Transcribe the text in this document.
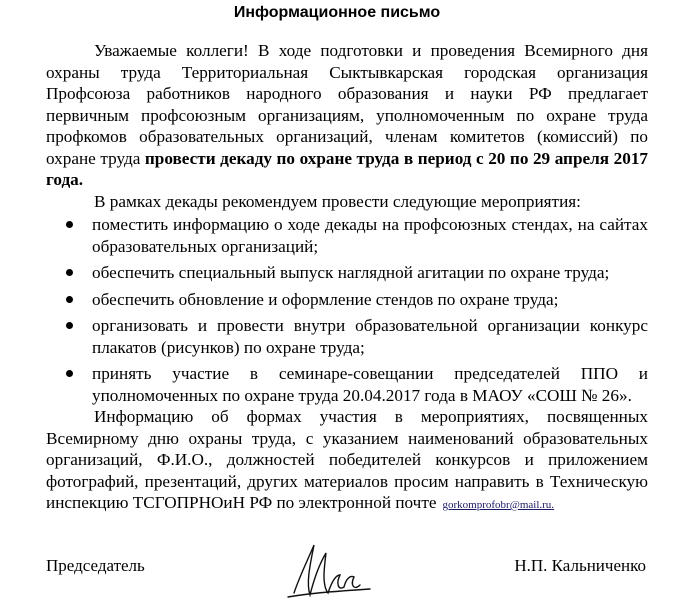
Информационное письмо

Уважаемые коллеги! В ходе подготовки и проведения Всемирного дня охраны труда Территориальная Сыктывкарская городская организация Профсоюза работников народного образования и науки РФ предлагает первичным профсоюзным организациям, уполномоченным по охране труда профкомов образовательных организаций, членам комитетов (комиссий) по охране труда провести декаду по охране труда в период с 20 по 29 апреля 2017 года.

В рамках декады рекомендуем провести следующие мероприятия:

поместить информацию о ходе декады на профсоюзных стендах, на сайтах образовательных организаций;
обеспечить специальный выпуск наглядной агитации по охране труда;
обеспечить обновление и оформление стендов по охране труда;
организовать и провести внутри образовательной организации конкурс плакатов (рисунков) по охране труда;
принять участие в семинаре-совещании председателей ППО и уполномоченных по охране труда 20.04.2017 года в МАОУ «СОШ № 26».

Информацию об формах участия в мероприятиях, посвященных Всемирному дню охраны труда, с указанием наименований образовательных организаций, Ф.И.О., должностей победителей конкурсов и приложением фотографий, презентаций, других материалов просим направить в Техническую инспекцию ТСГОПРНОиН РФ по электронной почте gorkomprofobr@mail.ru.

Председатель	Н.П. Кальниченко
